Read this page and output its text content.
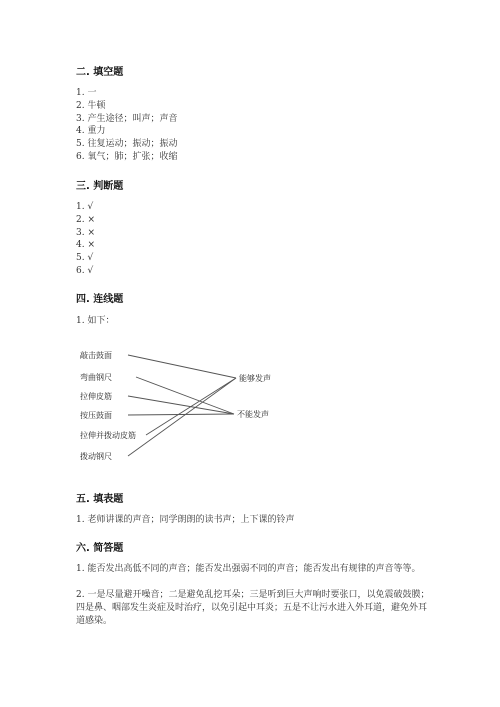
二. 填空题
1. 一
2. 牛顿
3. 产生途径；叫声；声音
4. 重力
5. 往复运动；振动；振动
6. 氧气；肺；扩张；收缩
三. 判断题
1. √
2. ×
3. ×
4. ×
5. √
6. √
四. 连线题
1. 如下：
敲击鼓面
弯曲钢尺
拉伸皮筋
按压鼓面
拉伸并拨动皮筋
拨动钢尺
能够发声
不能发声
五. 填表题
1. 老师讲课的声音；同学朗朗的读书声；上下课的铃声
六. 简答题
1. 能否发出高低不同的声音；能否发出强弱不同的声音；能否发出有规律的声音等等。
2. 一是尽量避开噪音；二是避免乱挖耳朵；三是听到巨大声响时要张口，以免震破鼓膜；四是鼻、咽部发生炎症及时治疗，以免引起中耳炎；五是不让污水进入外耳道，避免外耳道感染。
